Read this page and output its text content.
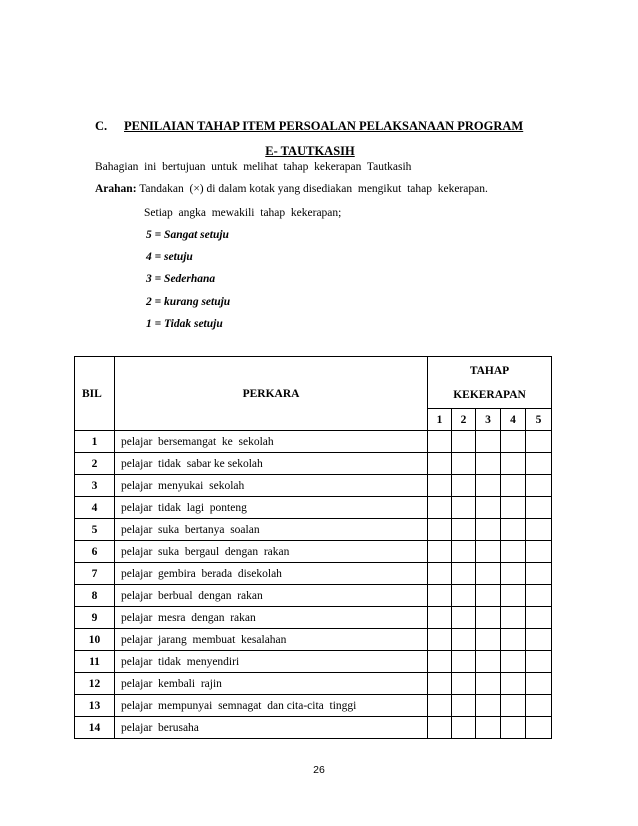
C. PENILAIAN TAHAP ITEM PERSOALAN PELAKSANAAN PROGRAM
E- TAUTKASIH
Bahagian  ini  bertujuan  untuk  melihat  tahap  kekerapan  Tautkasih
Arahan: Tandakan  (×) di dalam kotak yang disediakan  mengikut  tahap  kekerapan.
Setiap  angka  mewakili  tahap  kekerapan;
5 = Sangat setuju
4 = setuju
3 = Sederhana
2 = kurang setuju
1 = Tidak setuju
BIL	PERKARA	TAHAP
KEKERAPAN				
		1	2	3	4	5
1	pelajar  bersemangat  ke  sekolah					
2	pelajar  tidak  sabar ke sekolah					
3	pelajar  menyukai  sekolah					
4	pelajar  tidak  lagi  ponteng					
5	pelajar  suka  bertanya  soalan					
6	pelajar  suka  bergaul  dengan  rakan					
7	pelajar  gembira  berada  disekolah					
8	pelajar  berbual  dengan  rakan					
9	pelajar  mesra  dengan  rakan					
10	pelajar  jarang  membuat  kesalahan					
11	pelajar  tidak  menyendiri					
12	pelajar  kembali  rajin					
13	pelajar  mempunyai  semnagat  dan cita-cita  tinggi					
14	pelajar  berusaha					
26
